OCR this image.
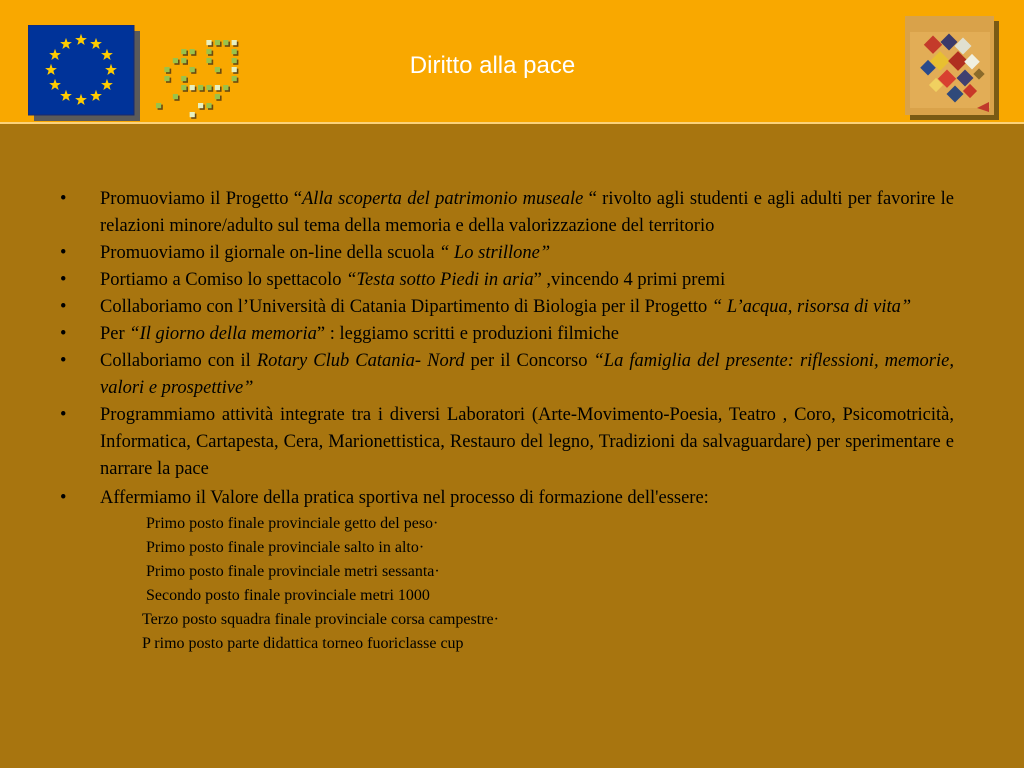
Diritto alla pace
• Promuoviamo il Progetto “Alla scoperta del patrimonio museale “ rivolto agli studenti e agli adulti per favorire le relazioni minore/adulto sul tema della memoria e della valorizzazione del territorio
• Promuoviamo il giornale on-line della scuola “ Lo strillone”
• Portiamo a Comiso lo spettacolo “Testa sotto Piedi in aria” ,vincendo 4 primi premi
• Collaboriamo con l’Università di Catania Dipartimento di Biologia per il Progetto “ L’acqua, risorsa di vita”
• Per “Il giorno della memoria” : leggiamo scritti e produzioni filmiche
• Collaboriamo con il Rotary Club Catania- Nord per il Concorso “La famiglia del presente: riflessioni, memorie, valori e prospettive”
• Programmiamo attività integrate tra i diversi Laboratori (Arte-Movimento-Poesia, Teatro , Coro, Psicomotricità, Informatica, Cartapesta, Cera, Marionettistica, Restauro del legno, Tradizioni da salvaguardare) per sperimentare e narrare la pace
• Affermiamo il Valore della pratica sportiva nel processo di formazione dell'essere:
Primo posto finale provinciale getto del peso·
Primo posto finale provinciale salto in alto·
Primo posto finale provinciale metri sessanta·
Secondo posto finale provinciale metri 1000
Terzo posto squadra finale provinciale corsa campestre·
P rimo posto parte didattica torneo fuoriclasse cup
